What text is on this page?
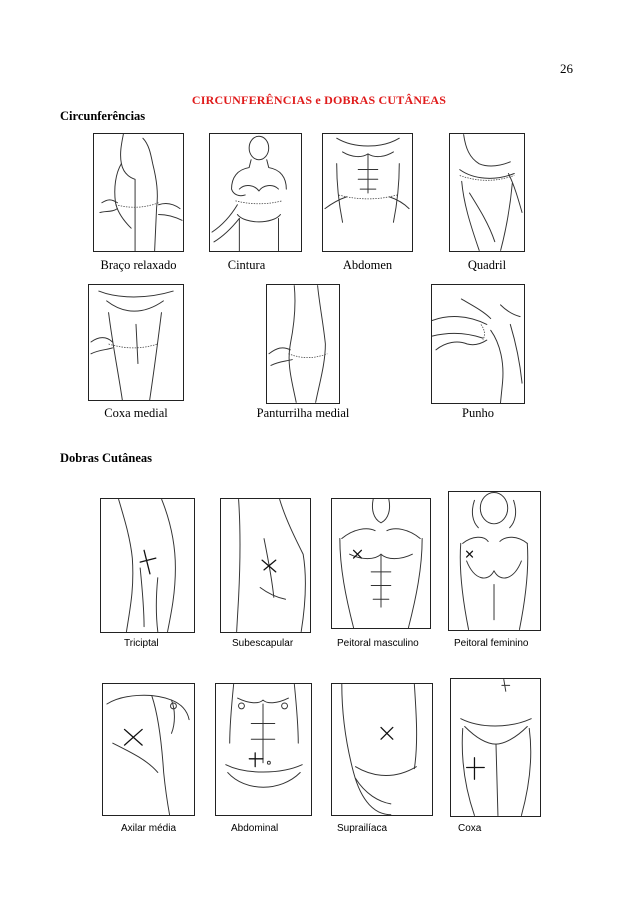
26
CIRCUNFERÊNCIAS e DOBRAS CUTÂNEAS
Circunferências
Braço relaxado	Cintura	Abdomen	Quadril
Coxa medial	Panturrilha medial	Punho
Dobras Cutâneas
Triciptal	Subescapular	Peitoral masculino	Peitoral feminino
Axilar média	Abdominal	Suprailíaca	Coxa
